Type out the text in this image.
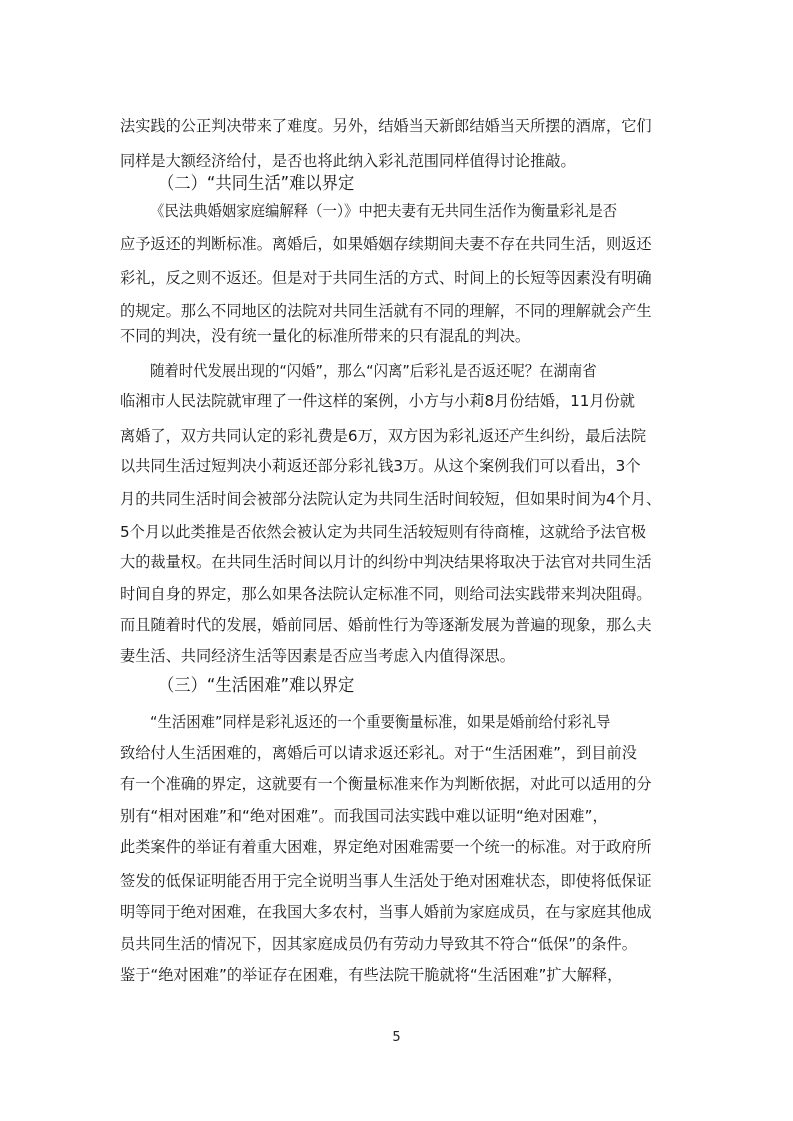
法实践的公正判决带来了难度。另外，结婚当天新郎结婚当天所摆的酒席，它们
同样是大额经济给付，是否也将此纳入彩礼范围同样值得讨论推敲。
（二）“共同生活”难以界定
《民法典婚姻家庭编解释（一）》中把夫妻有无共同生活作为衡量彩礼是否
应予返还的判断标准。离婚后，如果婚姻存续期间夫妻不存在共同生活，则返还
彩礼，反之则不返还。但是对于共同生活的方式、时间上的长短等因素没有明确
的规定。那么不同地区的法院对共同生活就有不同的理解，不同的理解就会产生
不同的判决，没有统一量化的标准所带来的只有混乱的判决。
随着时代发展出现的“闪婚”，那么“闪离”后彩礼是否返还呢？在湖南省
临湘市人民法院就审理了一件这样的案例，小方与小莉8月份结婚，11月份就
离婚了，双方共同认定的彩礼费是6万，双方因为彩礼返还产生纠纷，最后法院
以共同生活过短判决小莉返还部分彩礼钱3万。从这个案例我们可以看出，3个
月的共同生活时间会被部分法院认定为共同生活时间较短，但如果时间为4个月、
5个月以此类推是否依然会被认定为共同生活较短则有待商榷，这就给予法官极
大的裁量权。在共同生活时间以月计的纠纷中判决结果将取决于法官对共同生活
时间自身的界定，那么如果各法院认定标准不同，则给司法实践带来判决阻碍。
而且随着时代的发展，婚前同居、婚前性行为等逐渐发展为普遍的现象，那么夫
妻生活、共同经济生活等因素是否应当考虑入内值得深思。
（三）“生活困难”难以界定
“生活困难”同样是彩礼返还的一个重要衡量标准，如果是婚前给付彩礼导
致给付人生活困难的，离婚后可以请求返还彩礼。对于“生活困难”，到目前没
有一个准确的界定，这就要有一个衡量标准来作为判断依据，对此可以适用的分
别有“相对困难”和“绝对困难”。而我国司法实践中难以证明“绝对困难”，
此类案件的举证有着重大困难，界定绝对困难需要一个统一的标准。对于政府所
签发的低保证明能否用于完全说明当事人生活处于绝对困难状态，即使将低保证
明等同于绝对困难，在我国大多农村，当事人婚前为家庭成员，在与家庭其他成
员共同生活的情况下，因其家庭成员仍有劳动力导致其不符合“低保”的条件。
鉴于“绝对困难”的举证存在困难，有些法院干脆就将“生活困难”扩大解释，
5
